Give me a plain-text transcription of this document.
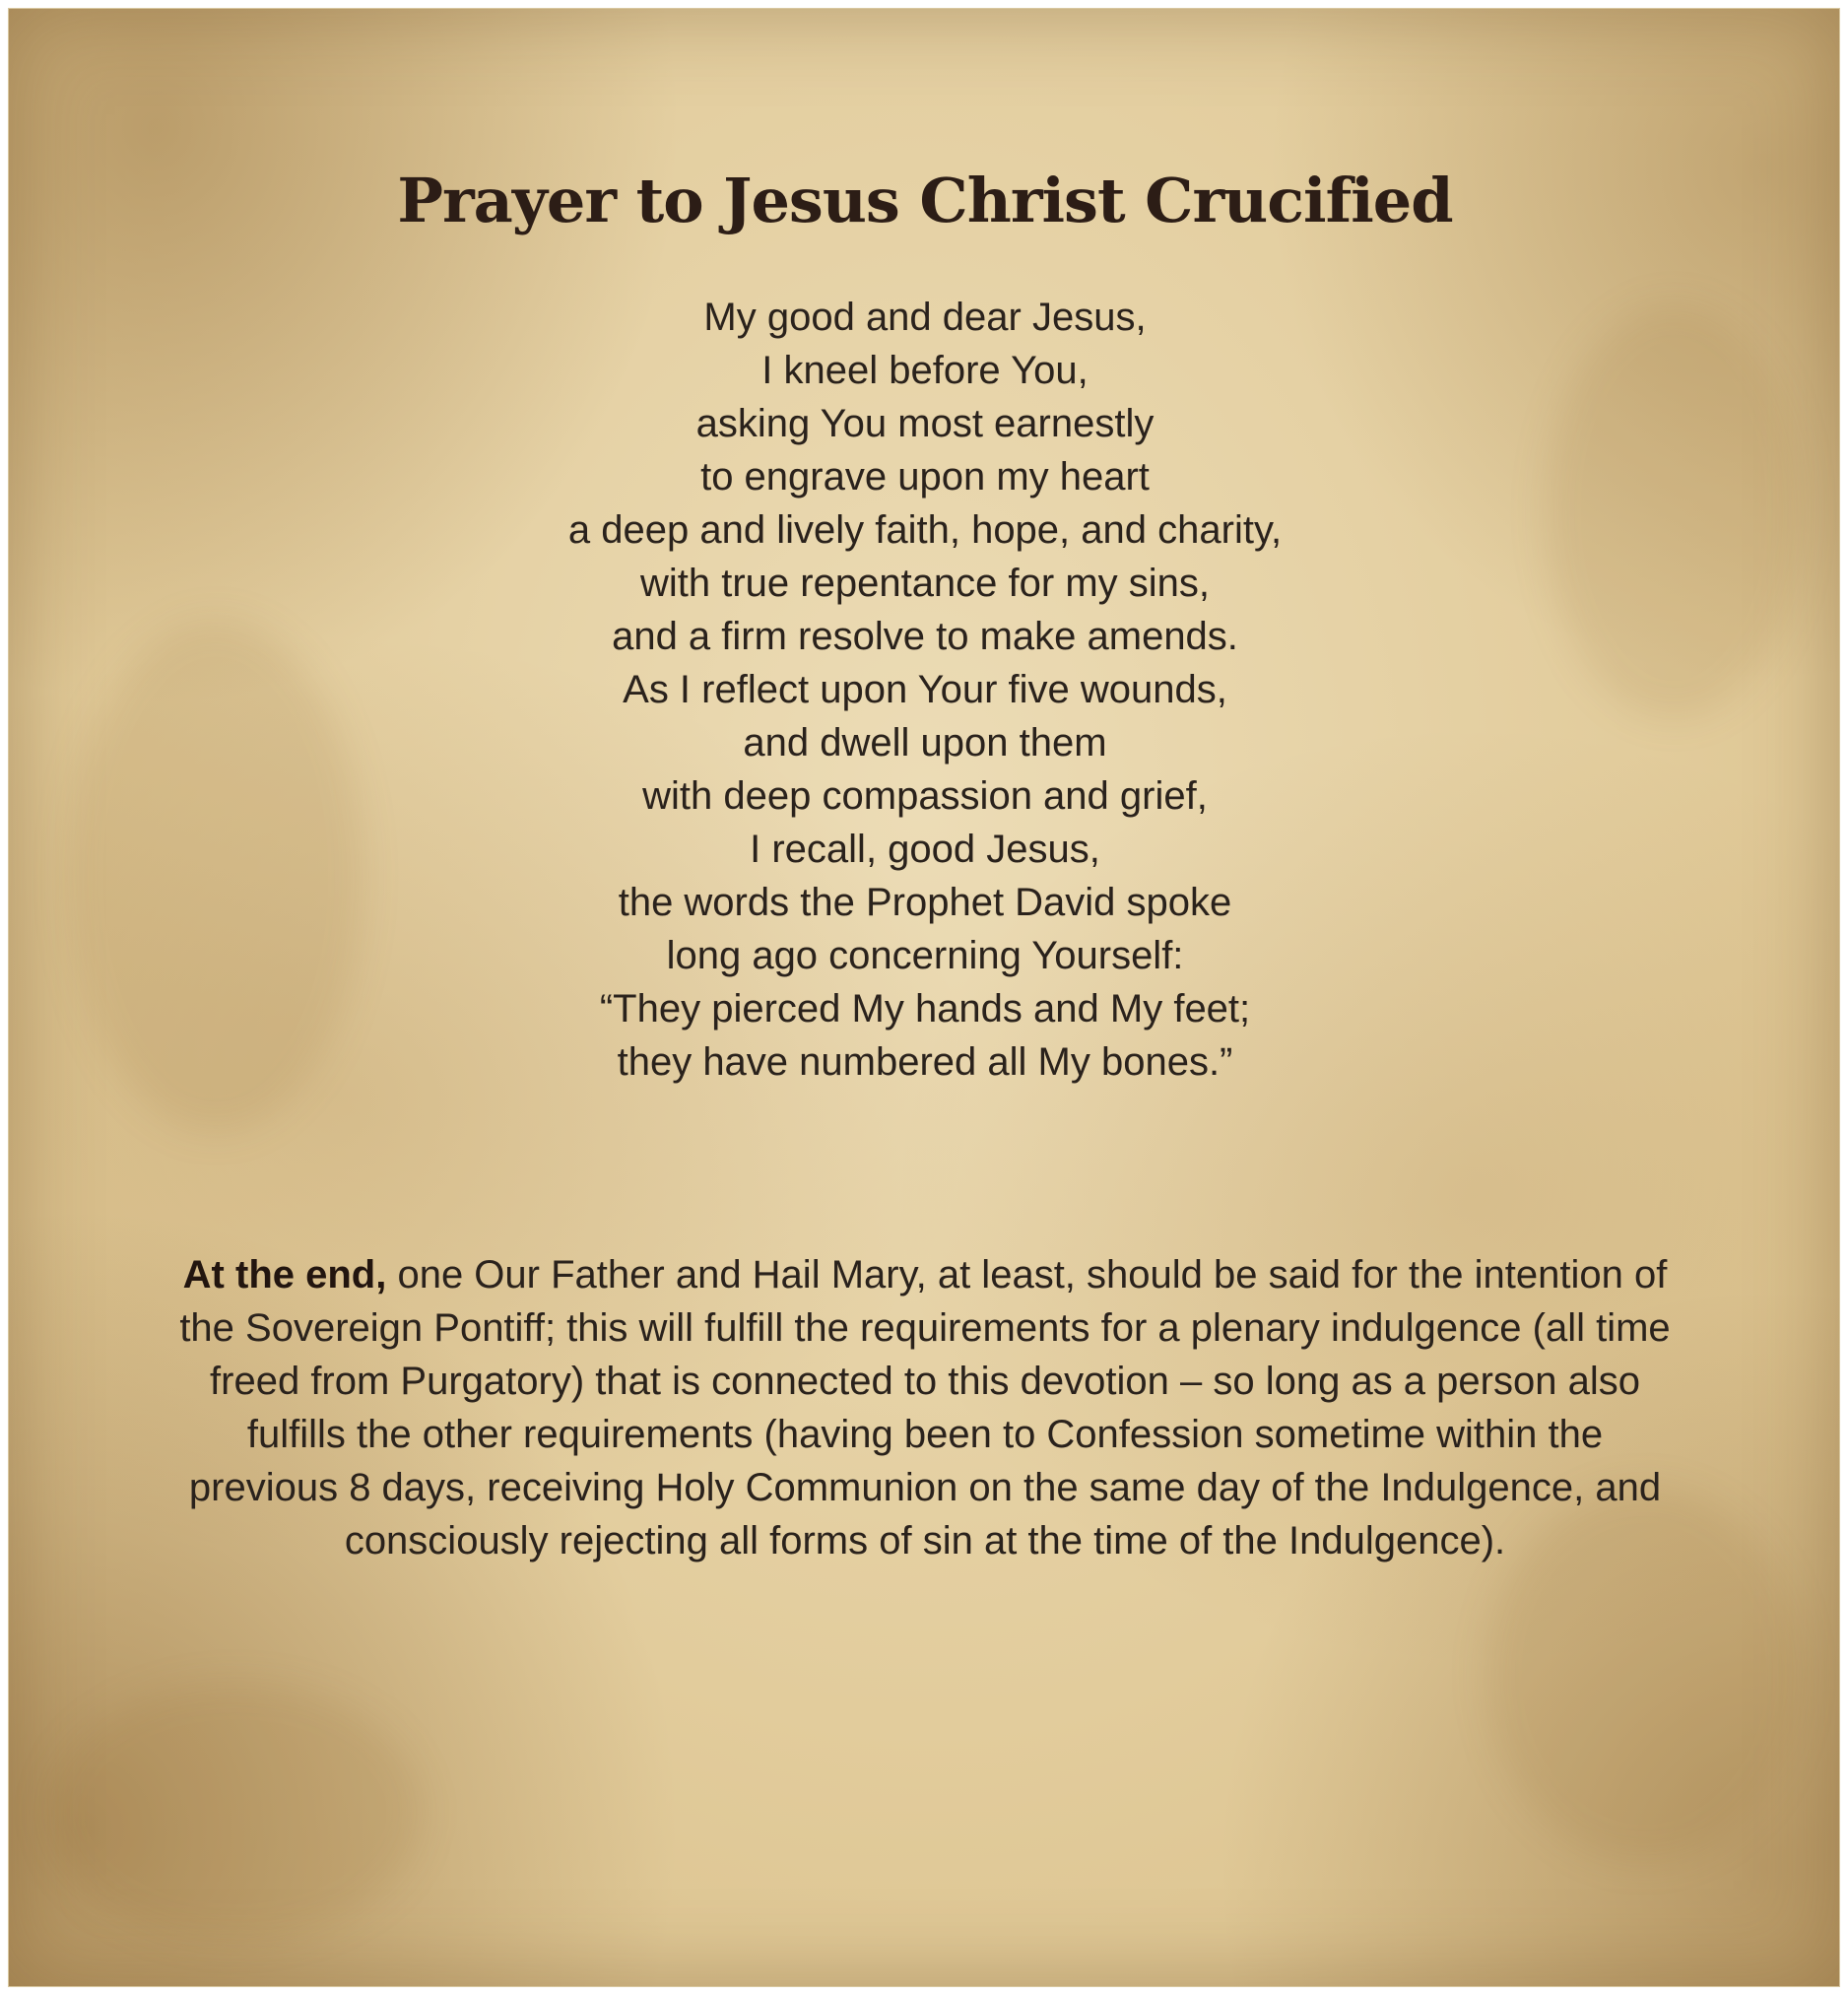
Prayer to Jesus Christ Crucified
My good and dear Jesus,
I kneel before You,
asking You most earnestly
to engrave upon my heart
a deep and lively faith, hope, and charity,
with true repentance for my sins,
and a firm resolve to make amends.
As I reflect upon Your five wounds,
and dwell upon them
with deep compassion and grief,
I recall, good Jesus,
the words the Prophet David spoke
long ago concerning Yourself:
“They pierced My hands and My feet;
they have numbered all My bones.”
At the end, one Our Father and Hail Mary, at least, should be said for the intention of the Sovereign Pontiff; this will fulfill the requirements for a plenary indulgence (all time freed from Purgatory) that is connected to this devotion – so long as a person also fulfills the other requirements (having been to Confession sometime within the previous 8 days, receiving Holy Communion on the same day of the Indulgence, and consciously rejecting all forms of sin at the time of the Indulgence).
